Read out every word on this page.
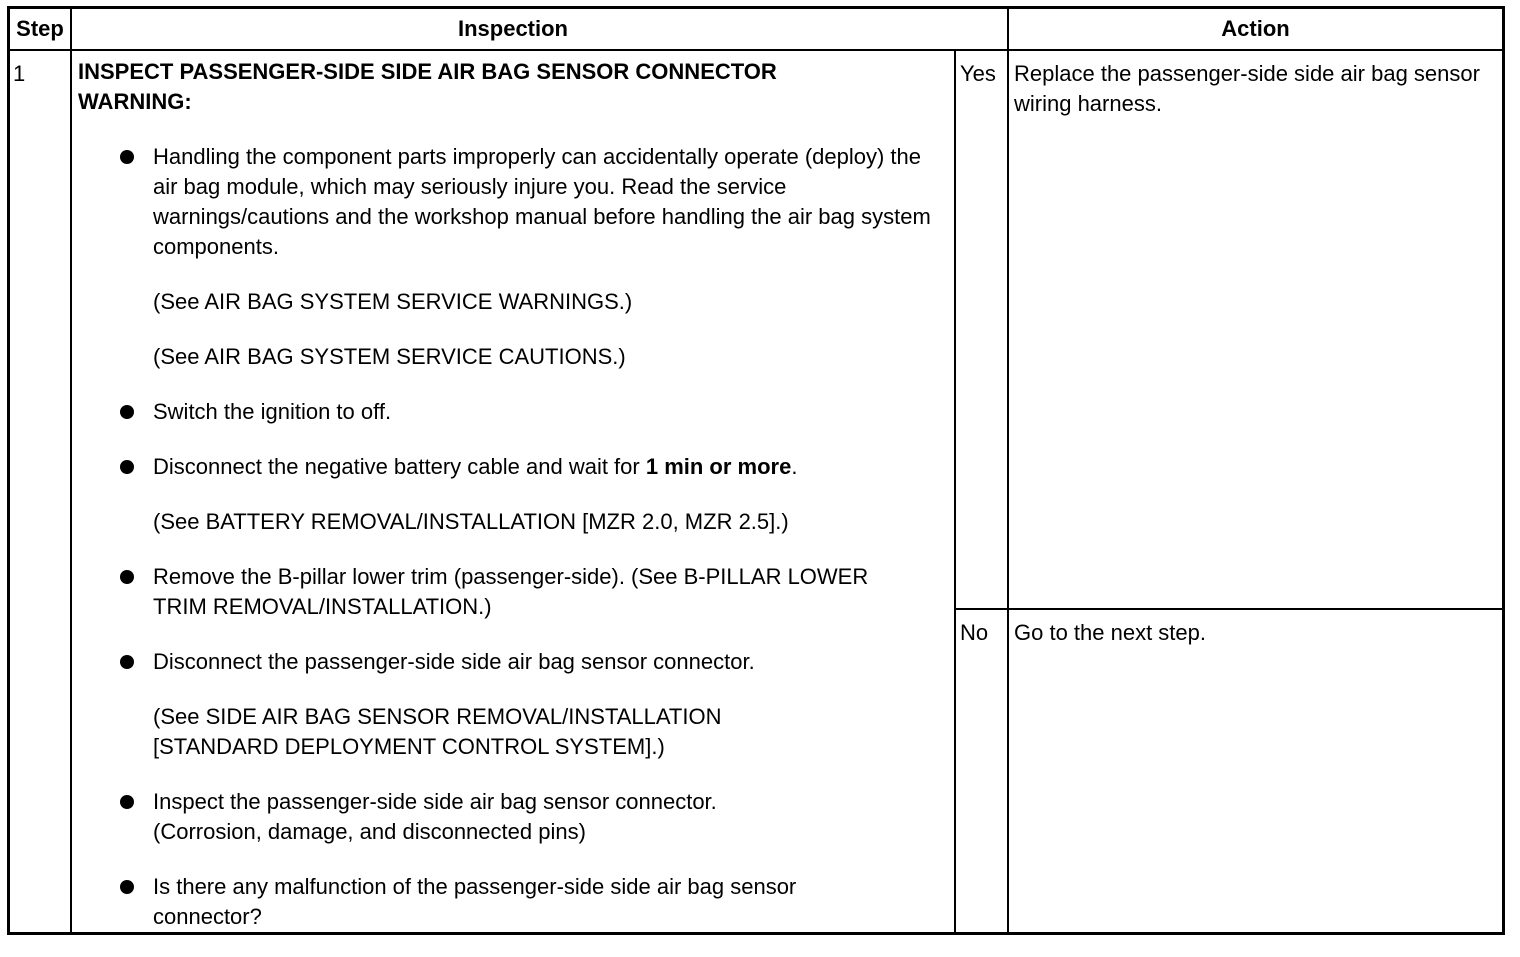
Step	Inspection	Action
1 INSPECT PASSENGER-SIDE SIDE AIR BAG SENSOR CONNECTOR
WARNING:
Handling the component parts improperly can accidentally operate (deploy) the air bag module, which may seriously injure you. Read the service warnings/cautions and the workshop manual before handling the air bag system components.
(See AIR BAG SYSTEM SERVICE WARNINGS.)
(See AIR BAG SYSTEM SERVICE CAUTIONS.)
Switch the ignition to off.
Disconnect the negative battery cable and wait for 1 min or more.
(See BATTERY REMOVAL/INSTALLATION [MZR 2.0, MZR 2.5].)
Remove the B-pillar lower trim (passenger-side). (See B-PILLAR LOWER TRIM REMOVAL/INSTALLATION.)
Disconnect the passenger-side side air bag sensor connector.
(See SIDE AIR BAG SENSOR REMOVAL/INSTALLATION [STANDARD DEPLOYMENT CONTROL SYSTEM].)
Inspect the passenger-side side air bag sensor connector. (Corrosion, damage, and disconnected pins)
Is there any malfunction of the passenger-side side air bag sensor connector?
Yes Replace the passenger-side side air bag sensor wiring harness.
No Go to the next step.
